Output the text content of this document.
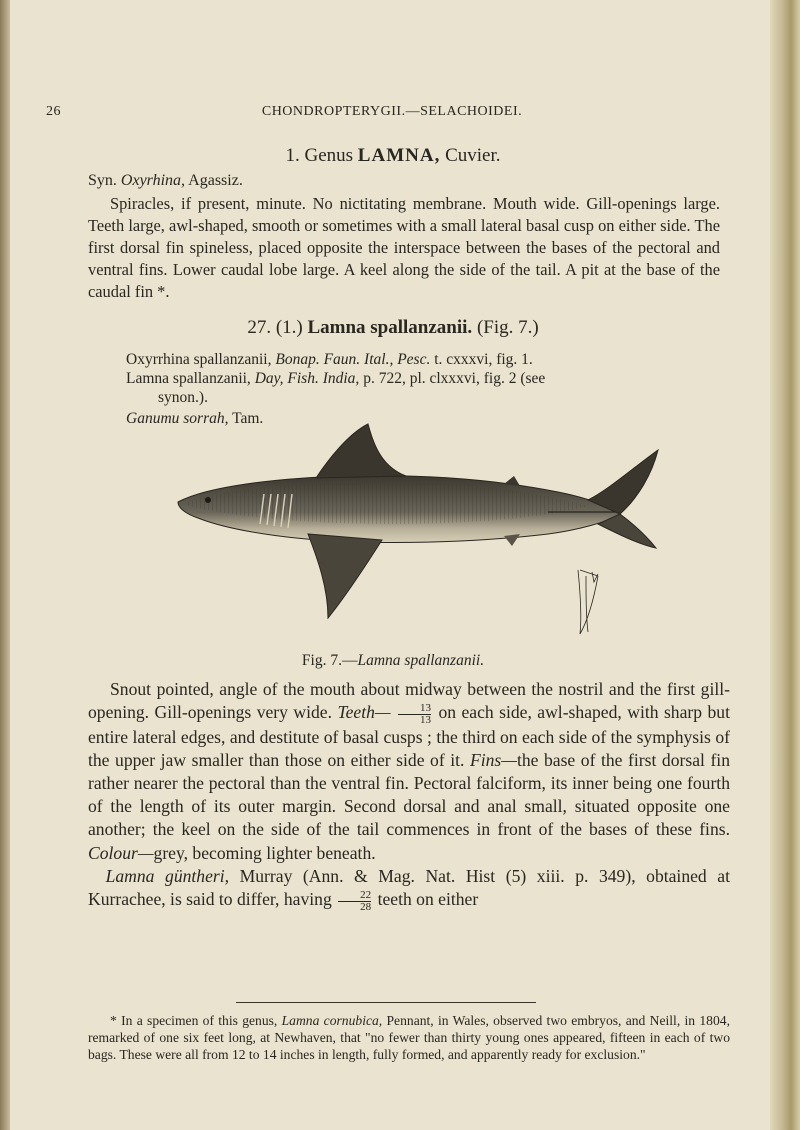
26	CHONDROPTERYGII.—SELACHOIDEI.
1. Genus LAMNA, Cuvier.
Syn. Oxyrhina, Agassiz.
Spiracles, if present, minute. No nictitating membrane. Mouth wide. Gill-openings large. Teeth large, awl-shaped, smooth or sometimes with a small lateral basal cusp on either side. The first dorsal fin spineless, placed opposite the interspace between the bases of the pectoral and ventral fins. Lower caudal lobe large. A keel along the side of the tail. A pit at the base of the caudal fin *.
27. (1.) Lamna spallanzanii. (Fig. 7.)
Oxyrrhina spallanzanii, Bonap. Faun. Ital., Pesc. t. cxxxvi, fig. 1.
Lamna spallanzanii, Day, Fish. India, p. 722, pl. clxxxvi, fig. 2 (see
synon.).
Ganumu sorrah, Tam.
Fig. 7.—Lamna spallanzanii.
Snout pointed, angle of the mouth about midway between the nostril and the first gill-opening. Gill-openings very wide. Teeth— $\frac{13}{13}$ on each side, awl-shaped, with sharp but entire lateral edges, and destitute of basal cusps ; the third on each side of the symphysis of the upper jaw smaller than those on either side of it. Fins—the base of the first dorsal fin rather nearer the pectoral than the ventral fin. Pectoral falciform, its inner being one fourth of the length of its outer margin. Second dorsal and anal small, situated opposite one another; the keel on the side of the tail commences in front of the bases of these fins. Colour—grey, becoming lighter beneath.
 Lamna güntheri, Murray (Ann. & Mag. Nat. Hist (5) xiii. p. 349), obtained at Kurrachee, is said to differ, having $\frac{22}{28}$ teeth on either
* In a specimen of this genus, Lamna cornubica, Pennant, in Wales, observed two embryos, and Neill, in 1804, remarked of one six feet long, at Newhaven, that "no fewer than thirty young ones appeared, fifteen in each of two bags. These were all from 12 to 14 inches in length, fully formed, and apparently ready for exclusion."
